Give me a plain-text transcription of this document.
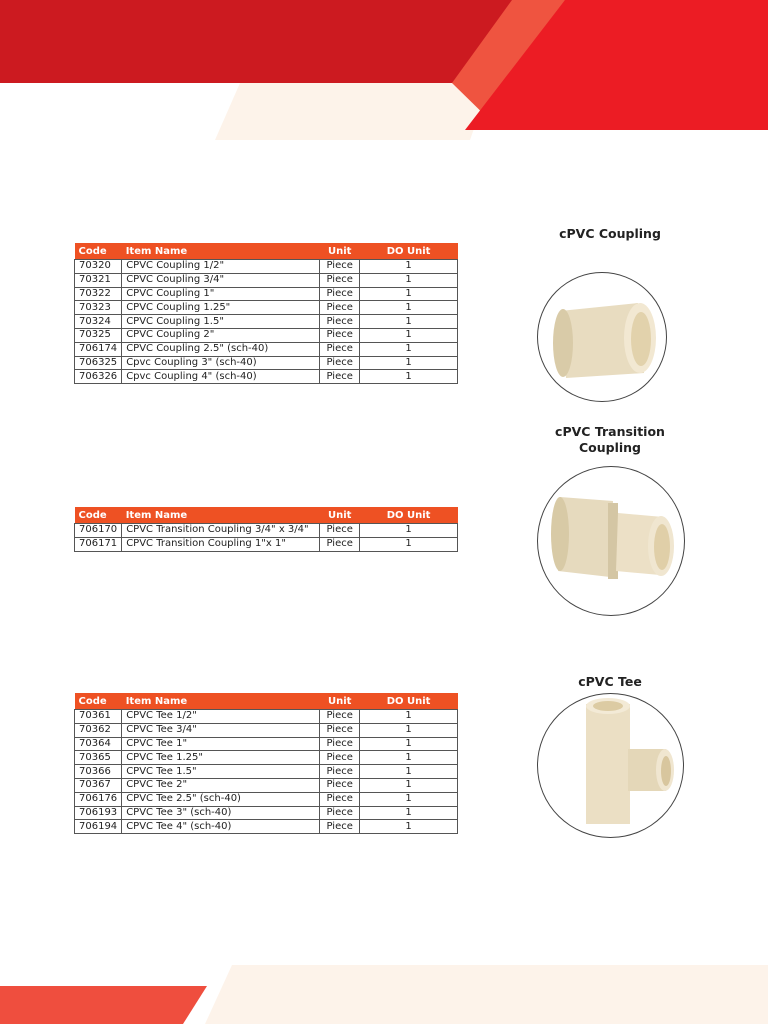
Code	Item Name	Unit	DO Unit
70320	CPVC Coupling 1/2"	Piece	1
70321	CPVC Coupling 3/4"	Piece	1
70322	CPVC Coupling 1"	Piece	1
70323	CPVC Coupling 1.25"	Piece	1
70324	CPVC Coupling 1.5"	Piece	1
70325	CPVC Coupling 2"	Piece	1
706174	CPVC Coupling 2.5" (sch-40)	Piece	1
706325	Cpvc Coupling 3" (sch-40)	Piece	1
706326	Cpvc Coupling 4" (sch-40)	Piece	1
Code	Item Name	Unit	DO Unit
706170	CPVC Transition Coupling 3/4" x 3/4"	Piece	1
706171	CPVC Transition Coupling 1"x 1"	Piece	1
Code	Item Name	Unit	DO Unit
70361	CPVC Tee 1/2"	Piece	1
70362	CPVC Tee 3/4"	Piece	1
70364	CPVC Tee 1"	Piece	1
70365	CPVC Tee 1.25"	Piece	1
70366	CPVC Tee 1.5"	Piece	1
70367	CPVC Tee 2"	Piece	1
706176	CPVC Tee 2.5" (sch-40)	Piece	1
706193	CPVC Tee 3" (sch-40)	Piece	1
706194	CPVC Tee 4" (sch-40)	Piece	1
cPVC Coupling
cPVC Transition
Coupling
cPVC Tee
